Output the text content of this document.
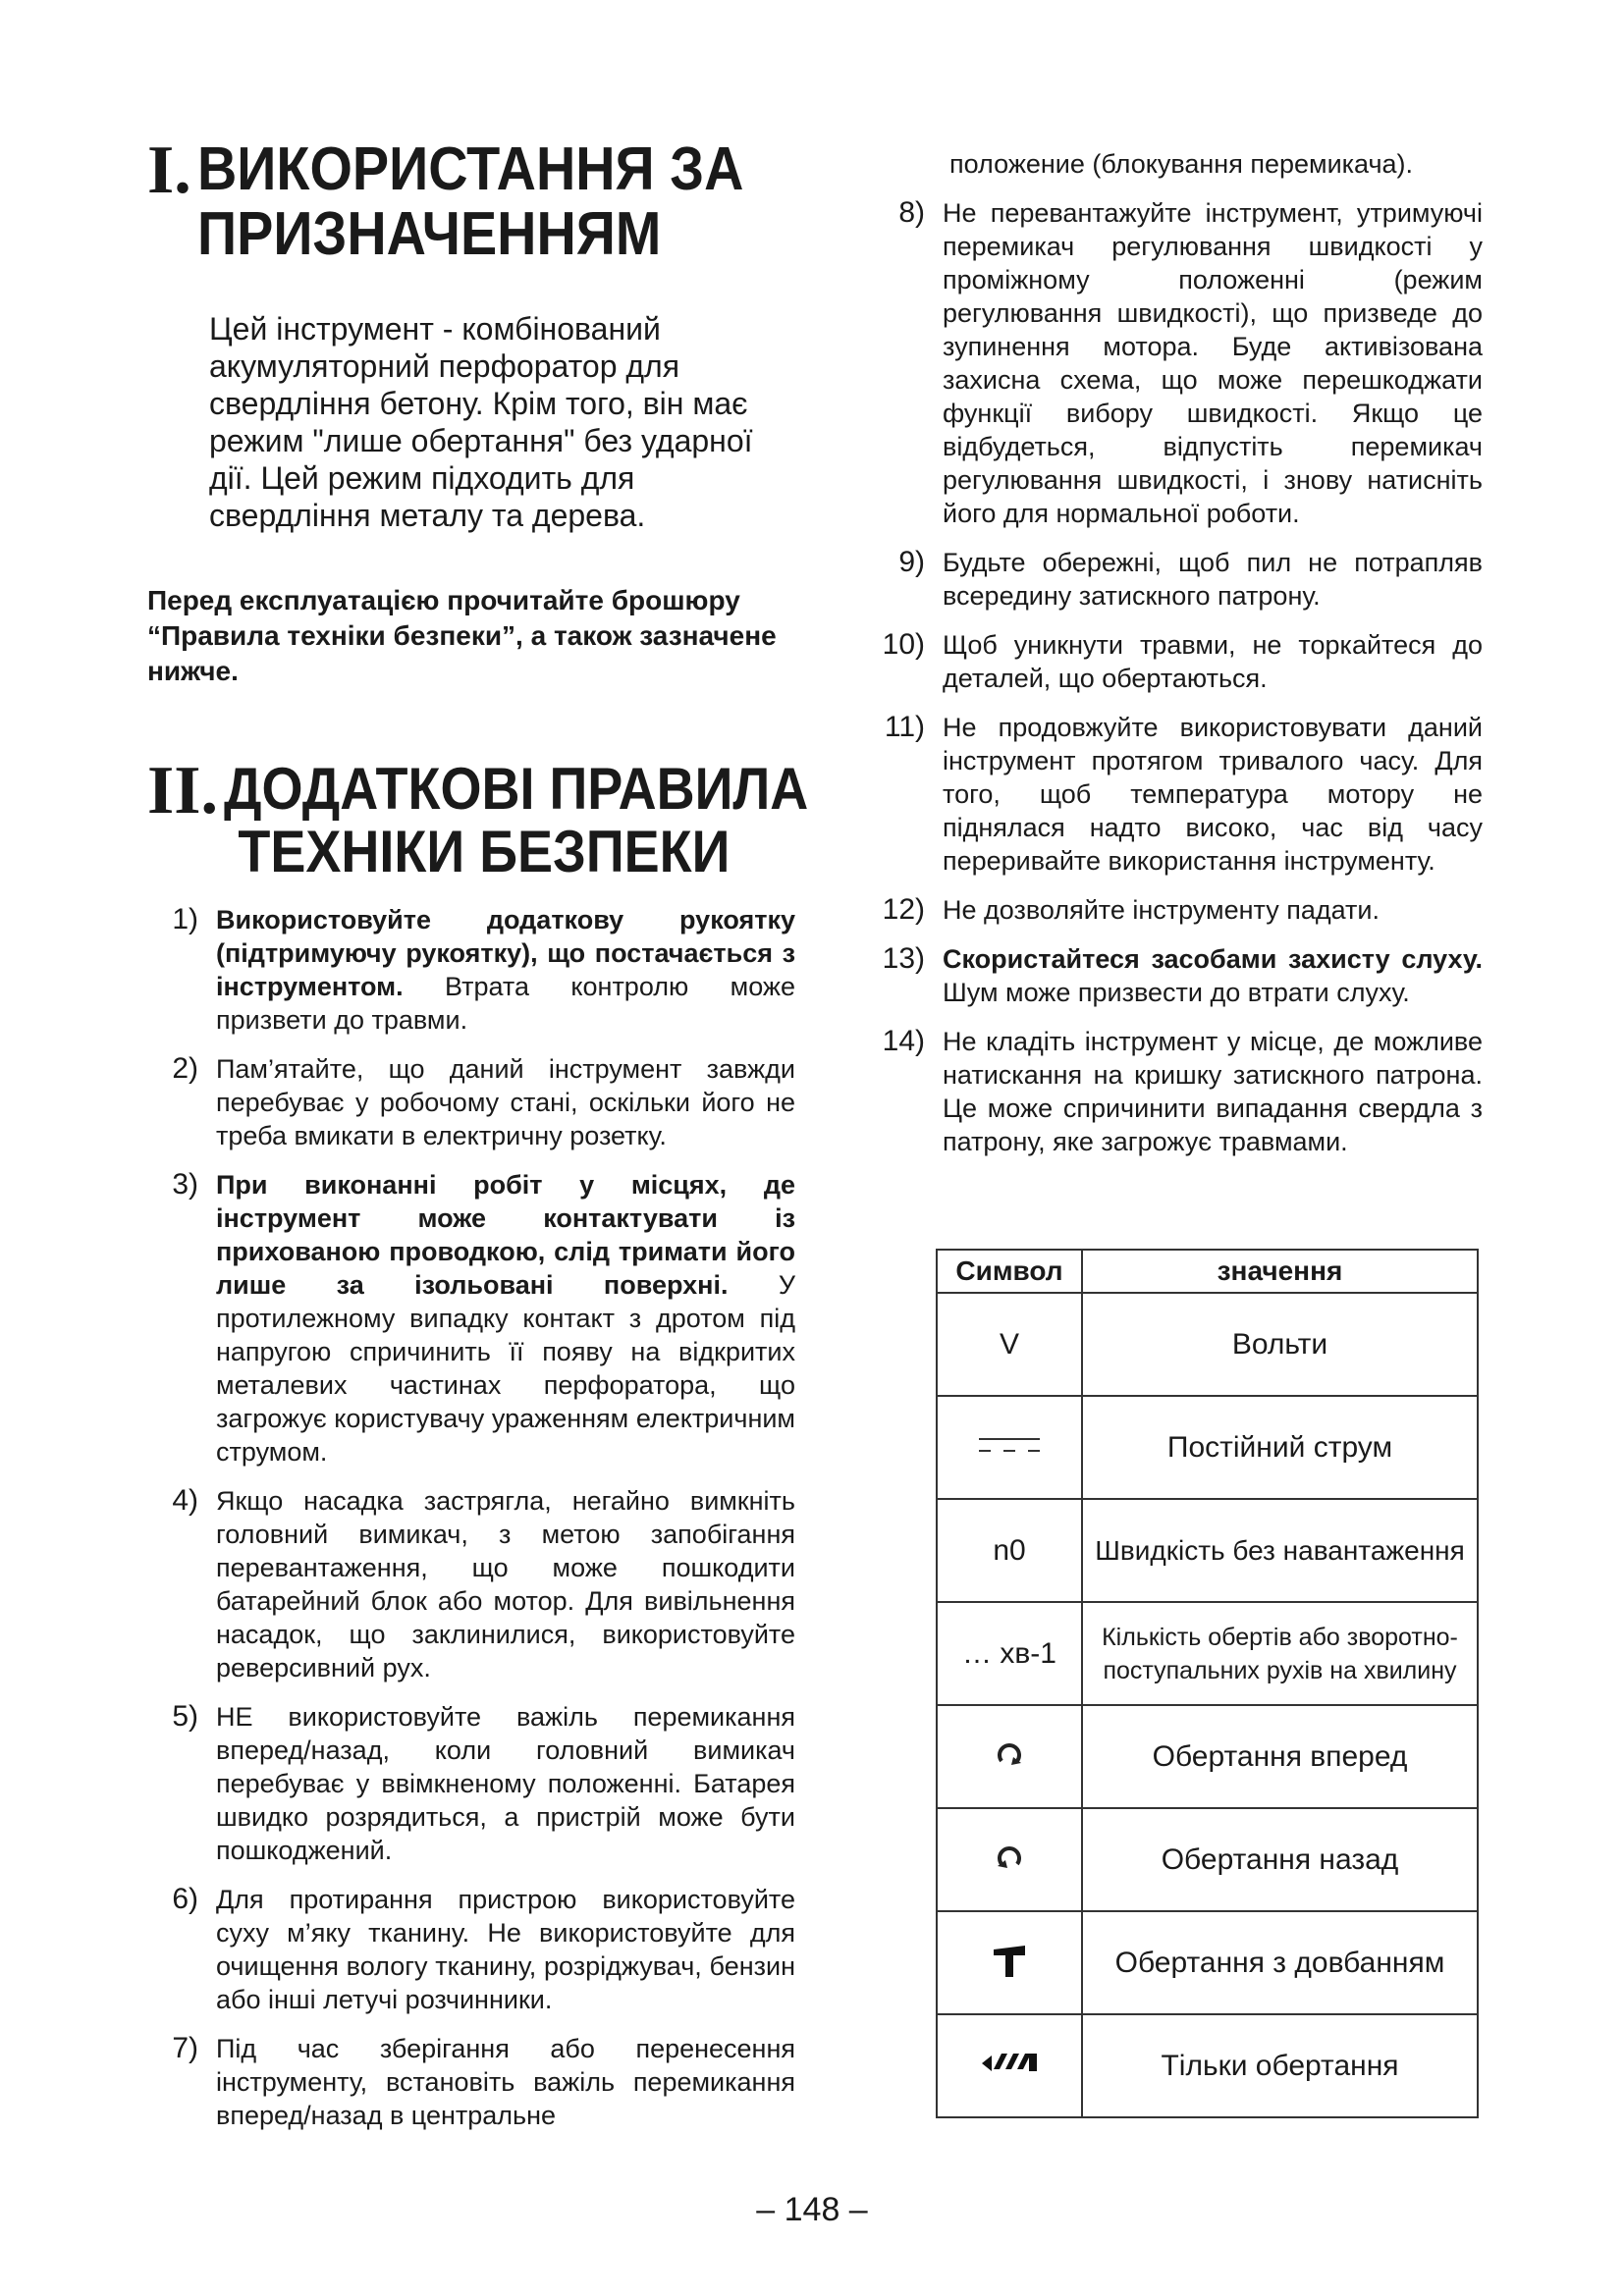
I. ВИКОРИСТАННЯ ЗА
ПРИЗНАЧЕННЯМ
Цей інструмент - комбінований акумуляторний перфоратор для свердління бетону. Крім того, він має режим "лише обертання" без ударної дії. Цей режим підходить для свердління металу та дерева.
Перед експлуатацією прочитайте брошюру “Правила техніки безпеки”, а також зазначене нижче.
II. ДОДАТКОВІ ПРАВИЛА
ТЕХНІКИ БЕЗПЕКИ
1) Використовуйте додаткову рукоятку (підтримуючу рукоятку), що постачається з інструментом. Втрата контролю може призвети до травми.
2) Пам’ятайте, що даний інструмент завжди перебуває у робочому стані, оскільки його не треба вмикати в електричну розетку.
3) При виконанні робіт у місцях, де інструмент може контактувати із прихованою проводкою, слід тримати його лише за ізольовані поверхні. У протилежному випадку контакт з дротом під напругою спричинить її появу на відкритих металевих частинах перфоратора, що загрожує користувачу ураженням електричним струмом.
4) Якщо насадка застрягла, негайно вимкніть головний вимикач, з метою запобігання перевантаження, що може пошкодити батарейний блок або мотор. Для вивільнення насадок, що заклинилися, використовуйте реверсивний рух.
5) НЕ використовуйте важіль перемикання вперед/назад, коли головний вимикач перебуває у ввімкненому положенні. Батарея швидко розрядиться, а пристрій може бути пошкоджений.
6) Для протирання пристрою використовуйте суху м’яку тканину. Не використовуйте для очищення вологу тканину, розріджувач, бензин або інші летучі розчинники.
7) Під час зберігання або перенесення інструменту, встановіть важіль перемикання вперед/назад в центральне
положение (блокування перемикача).
8) Не перевантажуйте інструмент, утримуючі перемикач регулювання швидкості у проміжному положенні (режим регулювання швидкості), що призведе до зупинення мотора. Буде активізована захисна схема, що може перешкоджати функції вибору швидкості. Якщо це відбудеться, відпустіть перемикач регулювання швидкості, і знову натисніть його для нормальної роботи.
9) Будьте обережні, щоб пил не потрапляв всередину затискного патрону.
10) Щоб уникнути травми, не торкайтеся до деталей, що обертаються.
11) Не продовжуйте використовувати даний інструмент протягом тривалого часу. Для того, щоб температура мотору не піднялася надто високо, час від часу переривайте використання інструменту.
12) Не дозволяйте інструменту падати.
13) Скористайтеся засобами захисту слуху. Шум може призвести до втрати слуху.
14) Не кладіть інструмент у місце, де можливе натискання на кришку затискного патрона. Це може спричинити випадання свердла з патрону, яке загрожує травмами.
Символ	значення
V	Вольти
	Постійний струм
n0	Швидкість без навантаження
… хв-1	Кількість обертів або зворотно-поступальних рухів на хвилину
	Обертання вперед
	Обертання назад
	Обертання з довбанням
	Тільки обертання
– 148 –
